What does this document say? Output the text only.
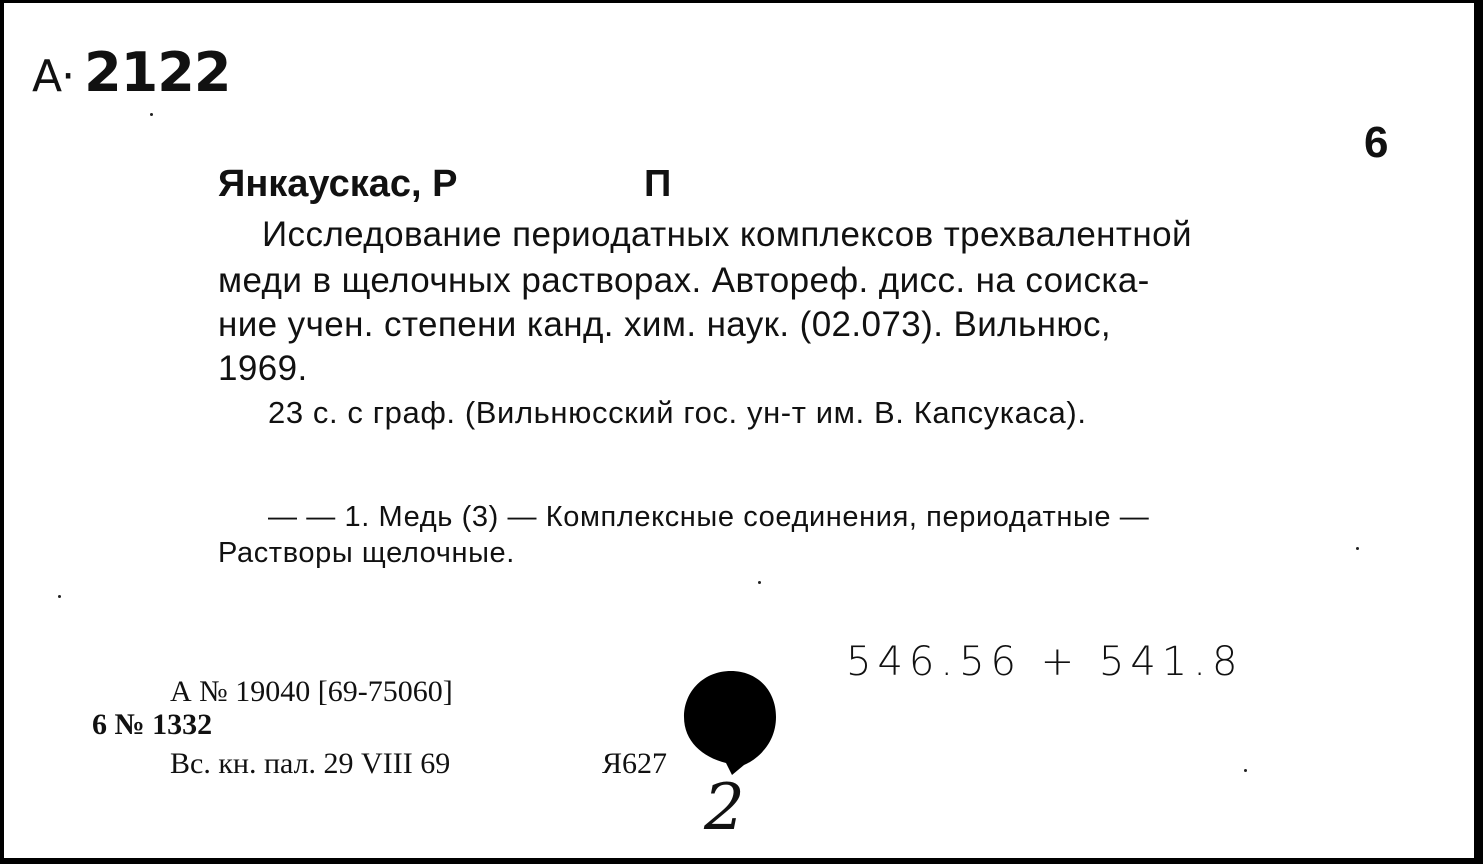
А· 2122
6
Янкаускас, Р	П
Исследование периодатных комплексов трехвалентной
меди в щелочных растворах. Автореф. дисс. на соиска-
ние учен. степени канд. хим. наук. (02.073). Вильнюс,
1969.
23 с. с граф. (Вильнюсский гос. ун-т им. В. Капсукаса).
— — 1. Медь (3) — Комплексные соединения, периодатные —
Растворы щелочные.
546.56 + 541.8
А № 19040 [69-75060]
6 № 1332
Вс. кн. пал. 29 VIII 69	Я627
2
